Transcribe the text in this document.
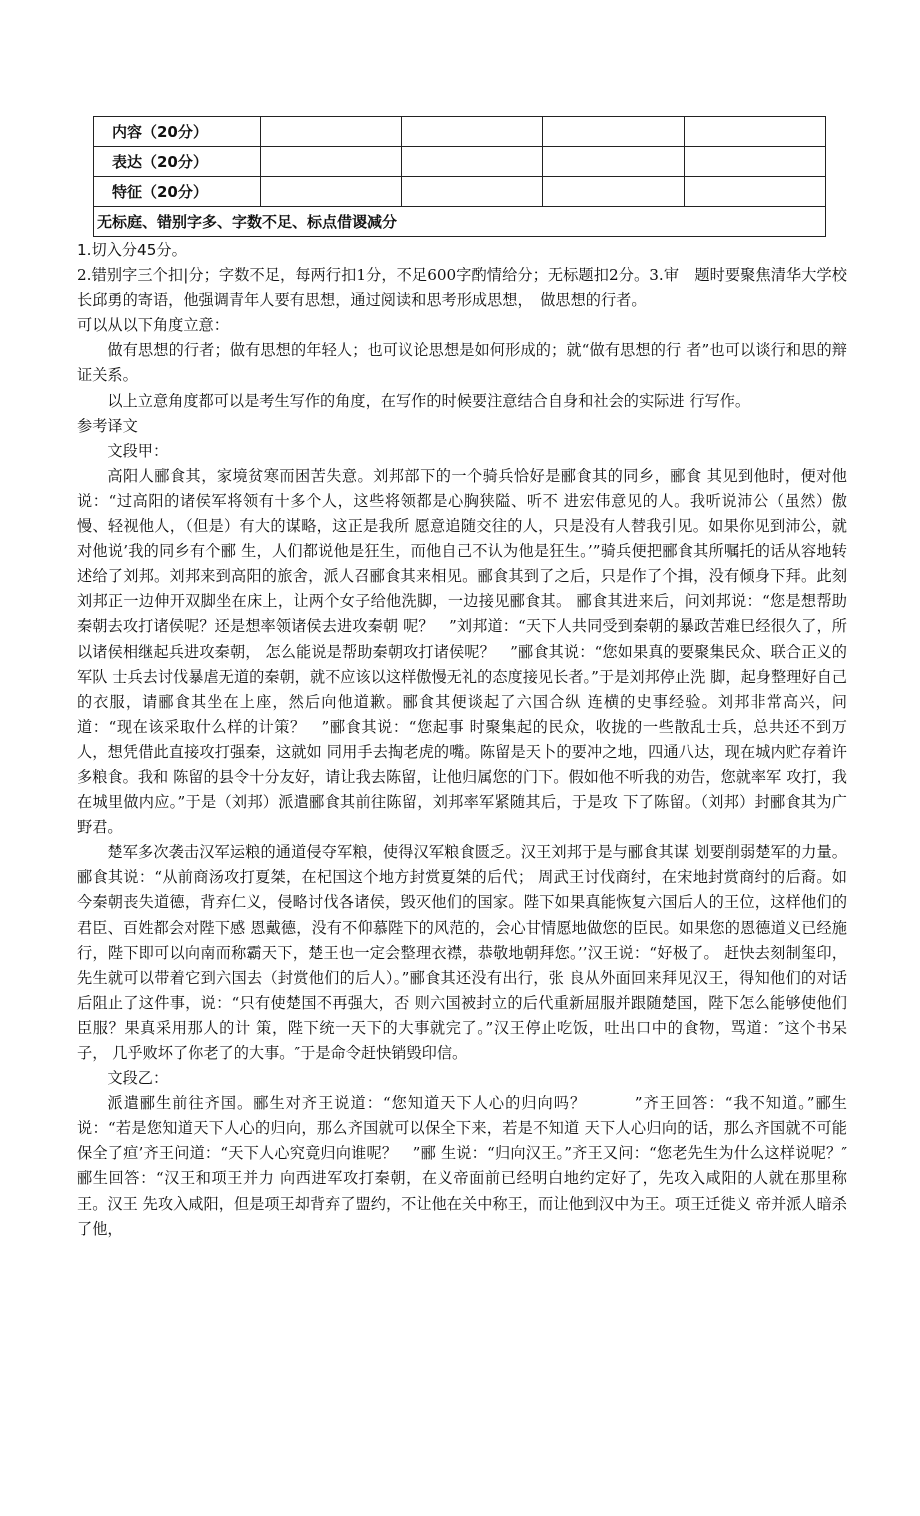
内容（20分）				
表达（20分）				
特征（20分）				
无标庭、错别字多、字数不足、标点借谡减分				

1.切入分45分。

2.错别字三个扣|分；字数不足，每两行扣1分，不足600字酌情给分；无标题扣2分。3.审　题时要聚焦清华大学校长邱勇的寄语，他强调青年人要有思想，通过阅读和思考形成思想，　做思想的行者。

可以从以下角度立意：

做有思想的行者；做有思想的年轻人；也可议论思想是如何形成的；就“做有思想的行 者”也可以谈行和思的辩证关系。

以上立意角度都可以是考生写作的角度，在写作的时候要注意结合自身和社会的实际进 行写作。

参考译文

文段甲：

高阳人郦食其，家境贫寒而困苦失意。刘邦部下的一个骑兵恰好是郦食其的同乡，郦食 其见到他时，便对他说：“过高阳的诸侯军将领有十多个人，这些将领都是心胸狭隘、听不 进宏伟意见的人。我听说沛公（虽然）傲慢、轻视他人，（但是）有大的谋略，这正是我所 愿意追随交往的人，只是没有人替我引见。如果你见到沛公，就对他说’我的同乡有个郦 生，人们都说他是狂生，而他自己不认为他是狂生。’”骑兵便把郦食其所嘱托的话从容地转 述给了刘邦。刘邦来到高阳的旅舍，派人召郦食其来相见。郦食其到了之后，只是作了个揖，没有倾身下拜。此刻刘邦正一边伸开双脚坐在床上，让两个女子给他洗脚，一边接见郦食其。 郦食其进来后，问刘邦说：“您是想帮助秦朝去攻打诸侯呢？还是想率领诸侯去进攻秦朝 呢？　”刘邦道：“天下人共同受到秦朝的暴政苦难巳经很久了，所以诸侯相继起兵进攻秦朝， 怎么能说是帮助秦朝攻打诸侯呢？　”郦食其说：“您如果真的要聚集民众、联合正义的军队 士兵去讨伐暴虐无道的秦朝，就不应该以这样傲慢无礼的态度接见长者。”于是刘邦停止洗 脚，起身整理好自己的衣服，请郦食其坐在上座，然后向他道歉。郦食其便谈起了六国合纵 连横的史事经验。刘邦非常高兴，问道：“现在该采取什么样的计策？　”郦食其说：“您起事 时聚集起的民众，收拢的一些散乱士兵，总共还不到万人，想凭借此直接攻打强秦，这就如 同用手去掏老虎的嘴。陈留是天卜的要冲之地，四通八达，现在城内贮存着许多粮食。我和 陈留的县令十分友好，请让我去陈留，让他归属您的门下。假如他不听我的劝告，您就率军 攻打，我在城里做内应。”于是（刘邦）派遣郦食其前往陈留，刘邦率军紧随其后，于是攻 下了陈留。（刘邦）封郦食其为广野君。

楚军多次袭击汉军运粮的通道侵夺军粮，使得汉军粮食匮乏。汉王刘邦于是与郦食其谋 划要削弱楚军的力量。郦食其说：“从前商汤攻打夏桀，在杞国这个地方封赏夏桀的后代； 周武王讨伐商纣，在宋地封赏商纣的后裔。如今秦朝丧失道德，背弃仁义，侵略讨伐各诸侯，毁灭他们的国家。陛下如果真能恢复六国后人的王位，这样他们的君臣、百姓都会对陛下感 恩戴德，没有不仰慕陛下的风范的，会心甘情愿地做您的臣民。如果您的恩德道义已经施行，陛下即可以向南而称霸天下，楚王也一定会整理衣襟，恭敬地朝拜您。’’汉王说：“好极了。 赶快去刻制玺印，先生就可以带着它到六国去（封赏他们的后人）。”郦食其还没有出行，张 良从外面回来拜见汉王，得知他们的对话后阻止了这件事，说：“只有使楚国不再强大，否 则六国被封立的后代重新屈服并跟随楚国，陛下怎么能够使他们臣服？果真采用那人的计 策，陛下统一天下的大事就完了。”汉王停止吃饭，吐出口中的食物，骂道：″这个书呆子， 几乎败坏了你老了的大事。″于是命令赶快销毁印信。

文段乙：

派遣郦生前往齐国。郦生对齐王说道：“您知道天下人心的归向吗？　　　”齐王回答：“我不知道。”郦生说：“若是您知道天下人心的归向，那么齐国就可以保全下来，若是不知道 天下人心归向的话，那么齐国就不可能保全了疸’齐王问道：“天下人心究竟归向谁呢？　”郦 生说：“归向汉王。”齐王又问：“您老先生为什么这样说呢？″郦生回答：“汉王和项王并力 向西进军攻打秦朝，在义帝面前已经明白地约定好了，先攻入咸阳的人就在那里称王。汉王 先攻入咸阳，但是项王却背弃了盟约，不让他在关中称王，而让他到汉中为王。项王迁徙义 帝并派人暗杀了他，
